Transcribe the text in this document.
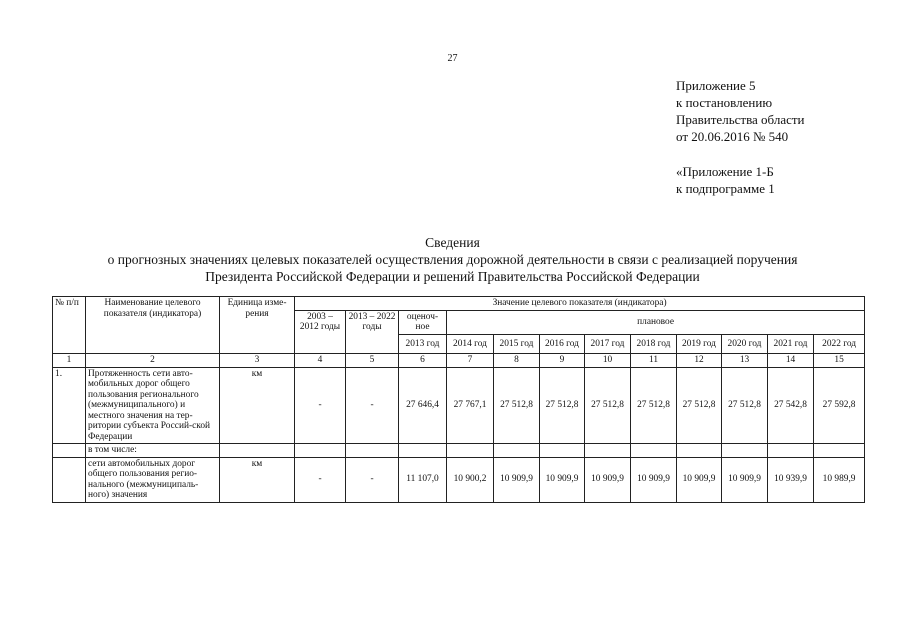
27
Приложение 5
к постановлению
Правительства области
от 20.06.2016 № 540
«Приложение 1-Б
к подпрограмме 1
Сведения
о прогнозных значениях целевых показателей осуществления дорожной деятельности в связи с реализацией поручения
Президента Российской Федерации и решений Правительства Российской Федерации
№ п/п	Наименование целевого показателя (индикатора)	Единица изме-рения	Значение целевого показателя (индикатора)											
			2003 – 2012 годы	2013 – 2022 годы	оценоч-ное	плановое								
					2013 год	2014 год	2015 год	2016 год	2017 год	2018 год	2019 год	2020 год	2021 год	2022 год
1	2	3	4	5	6	7	8	9	10	11	12	13	14	15
1.	Протяженность сети авто-мобильных дорог общего пользования регионального (межмуниципального) и местного значения на тер-ритории субъекта Россий-ской Федерации	км	-	-	27 646,4	27 767,1	27 512,8	27 512,8	27 512,8	27 512,8	27 512,8	27 512,8	27 542,8	27 592,8
	в том числе:													
	сети автомобильных дорог общего пользования регио-нального (межмуниципаль-ного) значения	км	-	-	11 107,0	10 900,2	10 909,9	10 909,9	10 909,9	10 909,9	10 909,9	10 909,9	10 939,9	10 989,9
